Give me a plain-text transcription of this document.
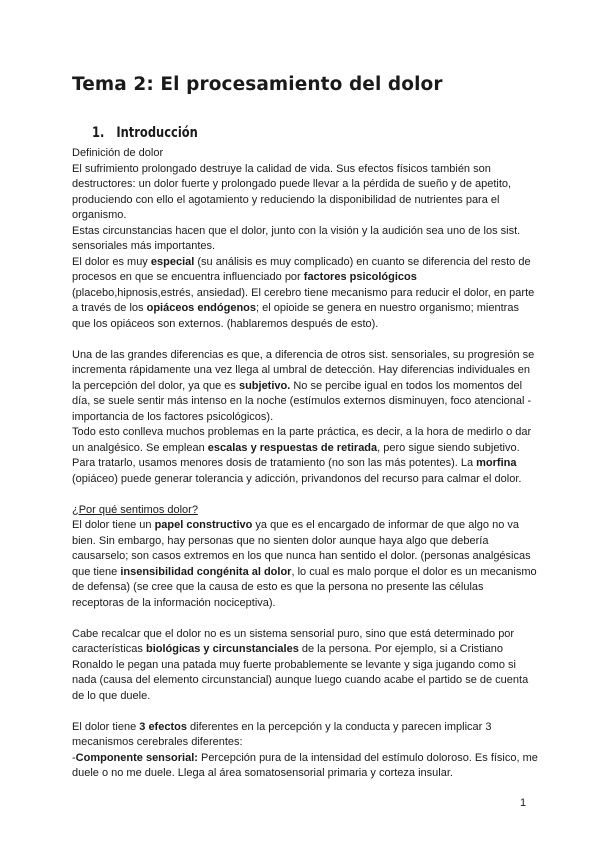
Tema 2: El procesamiento del dolor
1. Introducción

Definición de dolor

El sufrimiento prolongado destruye la calidad de vida. Sus efectos físicos también son destructores: un dolor fuerte y prolongado puede llevar a la pérdida de sueño y de apetito, produciendo con ello el agotamiento y reduciendo la disponibilidad de nutrientes para el organismo.

Estas circunstancias hacen que el dolor, junto con la visión y la audición sea uno de los sist. sensoriales más importantes.

El dolor es muy especial (su análisis es muy complicado) en cuanto se diferencia del resto de procesos en que se encuentra influenciado por factores psicológicos (placebo,hipnosis,estrés, ansiedad). El cerebro tiene mecanismo para reducir el dolor, en parte a través de los opiáceos endógenos; el opioide se genera en nuestro organismo; mientras que los opiáceos son externos. (hablaremos después de esto).

Una de las grandes diferencias es que, a diferencia de otros sist. sensoriales, su progresión se incrementa rápidamente una vez llega al umbral de detección. Hay diferencias individuales en la percepción del dolor, ya que es subjetivo. No se percibe igual en todos los momentos del día, se suele sentir más intenso en la noche (estímulos externos disminuyen, foco atencional - importancia de los factores psicológicos).

Todo esto conlleva muchos problemas en la parte práctica, es decir, a la hora de medirlo o dar un analgésico. Se emplean escalas y respuestas de retirada, pero sigue siendo subjetivo. Para tratarlo, usamos menores dosis de tratamiento (no son las más potentes). La morfina (opiáceo) puede generar tolerancia y adicción, privandonos del recurso para calmar el dolor.

¿Por qué sentimos dolor?

El dolor tiene un papel constructivo ya que es el encargado de informar de que algo no va bien. Sin embargo, hay personas que no sienten dolor aunque haya algo que debería causarselo; son casos extremos en los que nunca han sentido el dolor. (personas analgésicas que tiene insensibilidad congénita al dolor, lo cual es malo porque el dolor es un mecanismo de defensa) (se cree que la causa de esto es que la persona no presente las células receptoras de la información nociceptiva).

Cabe recalcar que el dolor no es un sistema sensorial puro, sino que está determinado por características biológicas y circunstanciales de la persona. Por ejemplo, si a Cristiano Ronaldo le pegan una patada muy fuerte probablemente se levante y siga jugando como si nada (causa del elemento circunstancial) aunque luego cuando acabe el partido se de cuenta de lo que duele.

El dolor tiene 3 efectos diferentes en la percepción y la conducta y parecen implicar 3 mecanismos cerebrales diferentes:

-Componente sensorial: Percepción pura de la intensidad del estímulo doloroso. Es físico, me duele o no me duele. Llega al área somatosensorial primaria y corteza insular.

1
